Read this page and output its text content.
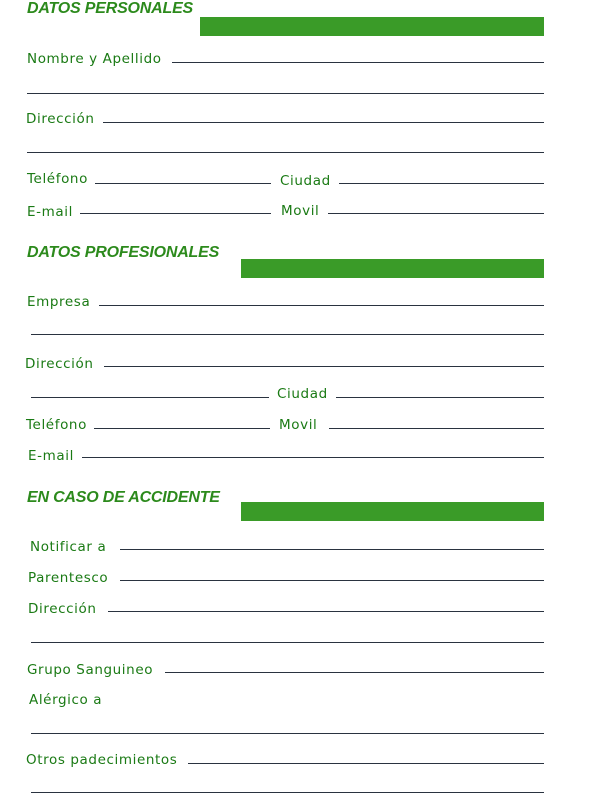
DATOS PERSONALES
Nombre y Apellido
Dirección
Teléfono	Ciudad
E-mail	Movil
DATOS PROFESIONALES
Empresa
Dirección
Ciudad
Teléfono	Movil
E-mail
EN CASO DE ACCIDENTE
Notificar a
Parentesco
Dirección
Grupo Sanguineo
Alérgico a
Otros padecimientos
